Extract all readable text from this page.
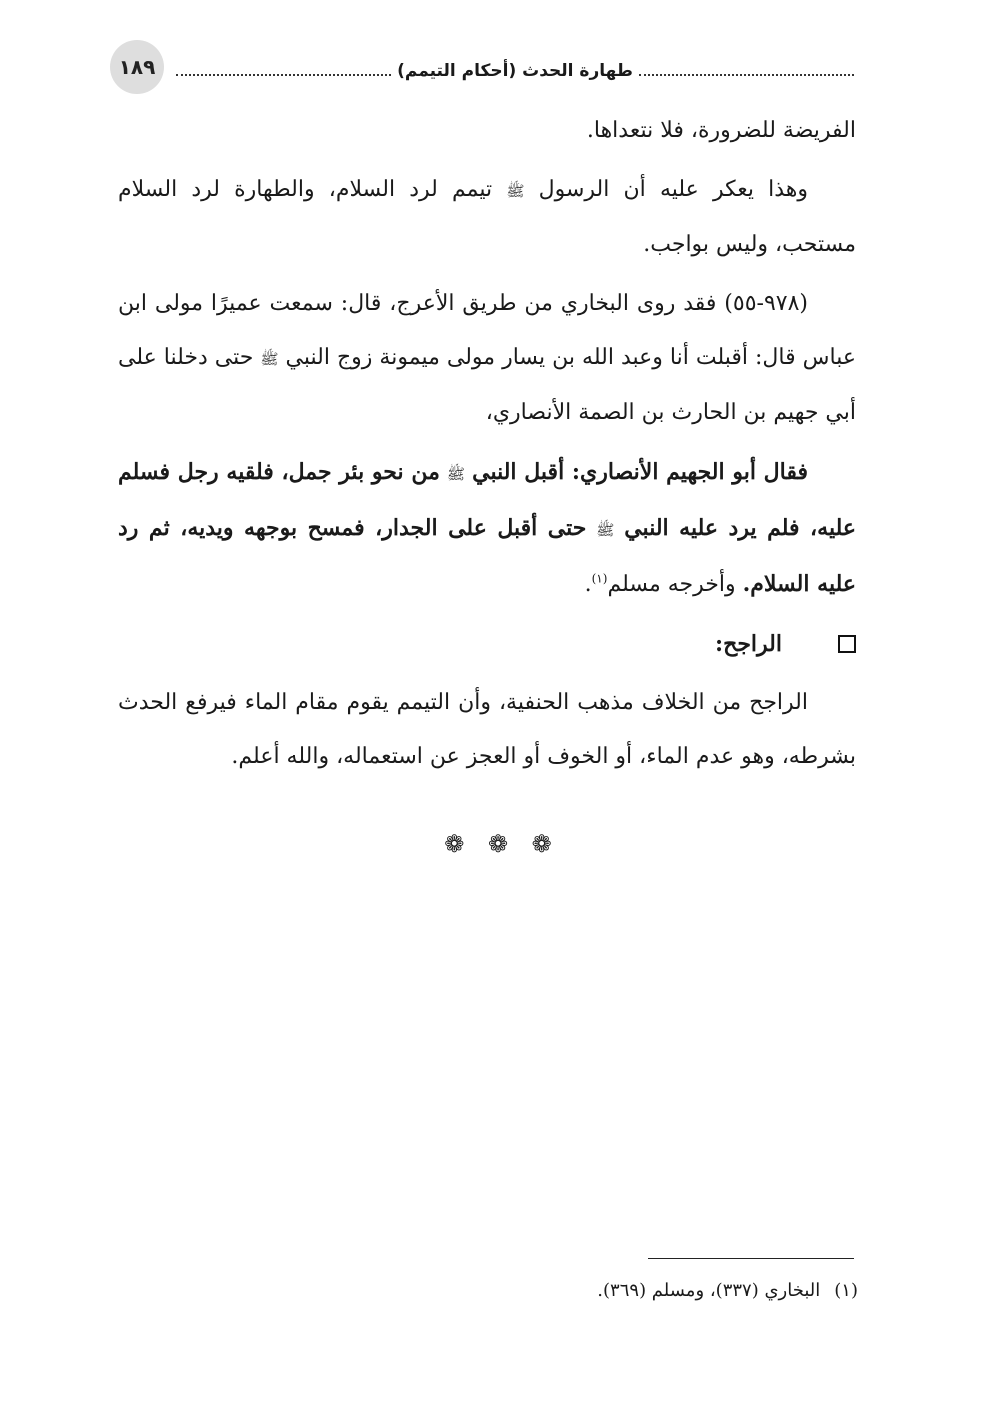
١٨٩	طهارة الحدث (أحكام التيمم)

الفريضة للضرورة، فلا نتعداها.

وهذا يعكر عليه أن الرسول ﷺ تيمم لرد السلام، والطهارة لرد السلام مستحب، وليس بواجب.

(٩٧٨-٥٥) فقد روى البخاري من طريق الأعرج، قال: سمعت عميرًا مولى ابن عباس قال: أقبلت أنا وعبد الله بن يسار مولى ميمونة زوج النبي ﷺ حتى دخلنا على أبي جهيم بن الحارث بن الصمة الأنصاري،

فقال أبو الجهيم الأنصاري: أقبل النبي ﷺ من نحو بئر جمل، فلقيه رجل فسلم عليه، فلم يرد عليه النبي ﷺ حتى أقبل على الجدار، فمسح بوجهه ويديه، ثم رد عليه السلام. وأخرجه مسلم$^{(١)}$.

الراجح:

الراجح من الخلاف مذهب الحنفية، وأن التيمم يقوم مقام الماء فيرفع الحدث بشرطه، وهو عدم الماء، أو الخوف أو العجز عن استعماله، والله أعلم.

❁ ❁ ❁
(١)البخاري (٣٣٧)، ومسلم (٣٦٩).
